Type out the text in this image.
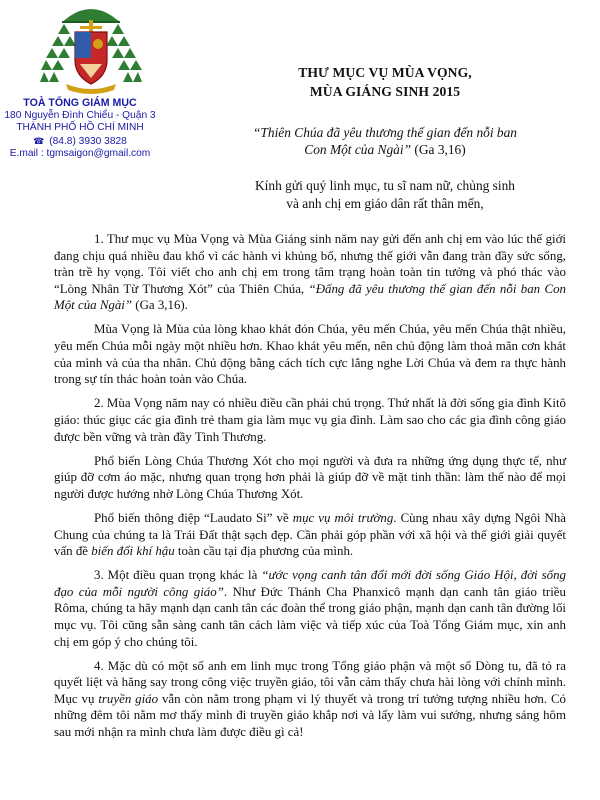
TOÀ TỔNG GIÁM MỤC
180 Nguyễn Đình Chiểu - Quận 3
THÀNH PHỐ HỒ CHÍ MINH
☎ (84.8) 3930 3828
E.mail : tgmsaigon@gmail.com
THƯ MỤC VỤ MÙA VỌNG,
MÙA GIÁNG SINH 2015
“Thiên Chúa đã yêu thương thế gian đến nỗi ban
Con Một của Ngài” (Ga 3,16)
Kính gửi quý linh mục, tu sĩ nam nữ, chủng sinh
và anh chị em giáo dân rất thân mến,

1. Thư mục vụ Mùa Vọng và Mùa Giáng sinh năm nay gửi đến anh chị em vào lúc thế giới đang chịu quá nhiều đau khổ vì các hành vi khủng bố, nhưng thế giới vẫn đang tràn đầy sức sống, tràn trề hy vọng. Tôi viết cho anh chị em trong tâm trạng hoàn toàn tin tưởng và phó thác vào “Lòng Nhân Từ Thương Xót” của Thiên Chúa, “Đấng đã yêu thương thế gian đến nỗi ban Con Một của Ngài” (Ga 3,16).

Mùa Vọng là Mùa của lòng khao khát đón Chúa, yêu mến Chúa, yêu mến Chúa thật nhiều, yêu mến Chúa mỗi ngày một nhiều hơn. Khao khát yêu mến, nên chủ động làm thoả mãn cơn khát của mình và của tha nhân. Chủ động bằng cách tích cực lắng nghe Lời Chúa và đem ra thực hành trong sự tín thác hoàn toàn vào Chúa.

2. Mùa Vọng năm nay có nhiều điều cần phải chú trọng. Thứ nhất là đời sống gia đình Kitô giáo: thúc giục các gia đình trẻ tham gia làm mục vụ gia đình. Làm sao cho các gia đình công giáo được bền vững và tràn đầy Tình Thương.

Phổ biến Lòng Chúa Thương Xót cho mọi người và đưa ra những ứng dụng thực tế, như giúp đỡ cơm áo mặc, nhưng quan trọng hơn phải là giúp đỡ về mặt tinh thần: làm thế nào để mọi người được hướng nhờ Lòng Chúa Thương Xót.

Phổ biến thông điệp “Laudato Si” về mục vụ môi trường. Cùng nhau xây dựng Ngôi Nhà Chung của chúng ta là Trái Đất thật sạch đẹp. Cần phải góp phần với xã hội và thế giới giải quyết vấn đề biến đổi khí hậu toàn cầu tại địa phương của mình.

3. Một điều quan trọng khác là “ước vọng canh tân đổi mới đời sống Giáo Hội, đời sống đạo của mỗi người công giáo”. Như Đức Thánh Cha Phanxicô mạnh dạn canh tân giáo triều Rôma, chúng ta hãy mạnh dạn canh tân các đoàn thể trong giáo phận, mạnh dạn canh tân đường lối mục vụ. Tôi cũng sẵn sàng canh tân cách làm việc và tiếp xúc của Toà Tổng Giám mục, xin anh chị em góp ý cho chúng tôi.

4. Mặc dù có một số anh em linh mục trong Tổng giáo phận và một số Dòng tu, đã tỏ ra quyết liệt và hăng say trong công việc truyền giáo, tôi vẫn cảm thấy chưa hài lòng với chính mình. Mục vụ truyền giáo vẫn còn nằm trong phạm vi lý thuyết và trong trí tưởng tượng nhiều hơn. Có những đêm tôi nằm mơ thấy mình đi truyền giáo khắp nơi và lấy làm vui sướng, nhưng sáng hôm sau mới nhận ra mình chưa làm được điều gì cả!
